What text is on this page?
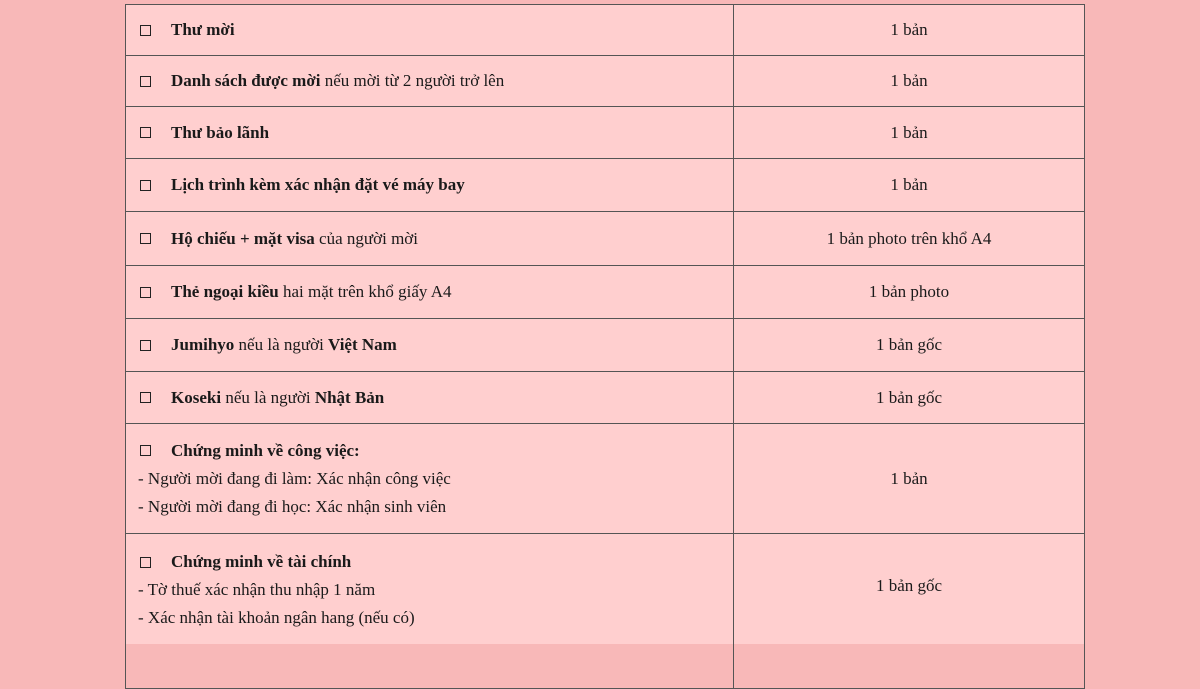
Thư mời	1 bản

Danh sách được mời nếu mời từ 2 người trở lên	1 bản

Thư bảo lãnh	1 bản

Lịch trình kèm xác nhận đặt vé máy bay	1 bản

Hộ chiếu + mặt visa của người mời	1 bản photo trên khổ A4

Thẻ ngoại kiều hai mặt trên khổ giấy A4	1 bản photo

Jumihyo nếu là người Việt Nam	1 bản gốc

Koseki nếu là người Nhật Bản	1 bản gốc

Chứng minh về công việc:
- Người mời đang đi làm: Xác nhận công việc
- Người mời đang đi học: Xác nhận sinh viên	1 bản

Chứng minh về tài chính
- Tờ thuế xác nhận thu nhập 1 năm
- Xác nhận tài khoản ngân hang (nếu có)	1 bản gốc
